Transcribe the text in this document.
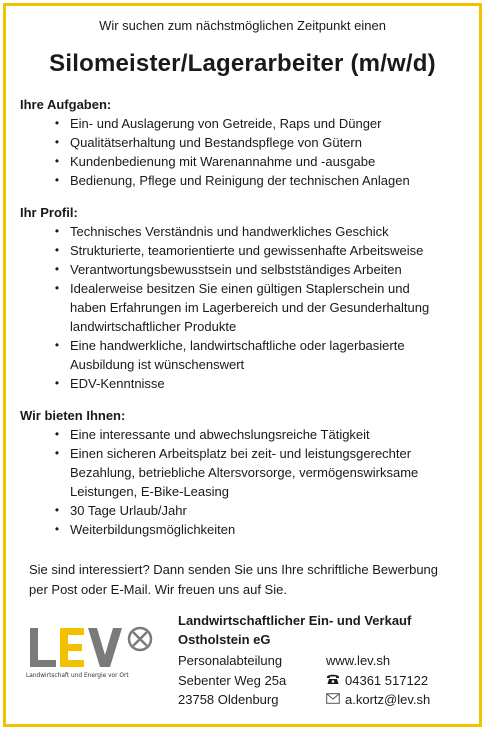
Wir suchen zum nächstmöglichen Zeitpunkt einen
Silomeister/Lagerarbeiter (m/w/d)
Ihre Aufgaben:
• Ein- und Auslagerung von Getreide, Raps und Dünger
• Qualitätserhaltung und Bestandspflege von Gütern
• Kundenbedienung mit Warenannahme und -ausgabe
• Bedienung, Pflege und Reinigung der technischen Anlagen
Ihr Profil:
• Technisches Verständnis und handwerkliches Geschick
• Strukturierte, teamorientierte und gewissenhafte Arbeitsweise
• Verantwortungsbewusstsein und selbstständiges Arbeiten
• Idealerweise besitzen Sie einen gültigen Staplerschein und
haben Erfahrungen im Lagerbereich und der Gesunderhaltung
landwirtschaftlicher Produkte
• Eine handwerkliche, landwirtschaftliche oder lagerbasierte
Ausbildung ist wünschenswert
• EDV-Kenntnisse
Wir bieten Ihnen:
• Eine interessante und abwechslungsreiche Tätigkeit
• Einen sicheren Arbeitsplatz bei zeit- und leistungsgerechter
Bezahlung, betriebliche Altersvorsorge, vermögenswirksame
Leistungen, E-Bike-Leasing
• 30 Tage Urlaub/Jahr
• Weiterbildungsmöglichkeiten
Sie sind interessiert? Dann senden Sie uns Ihre schriftliche Bewerbung
per Post oder E-Mail. Wir freuen uns auf Sie.
Landwirtschaft und Energie vor Ort
Landwirtschaftlicher Ein- und Verkauf
Ostholstein eG
Personalabteilung
Sebenter Weg 25a
23758 Oldenburg
www.lev.sh
04361 517122
a.kortz@lev.sh
